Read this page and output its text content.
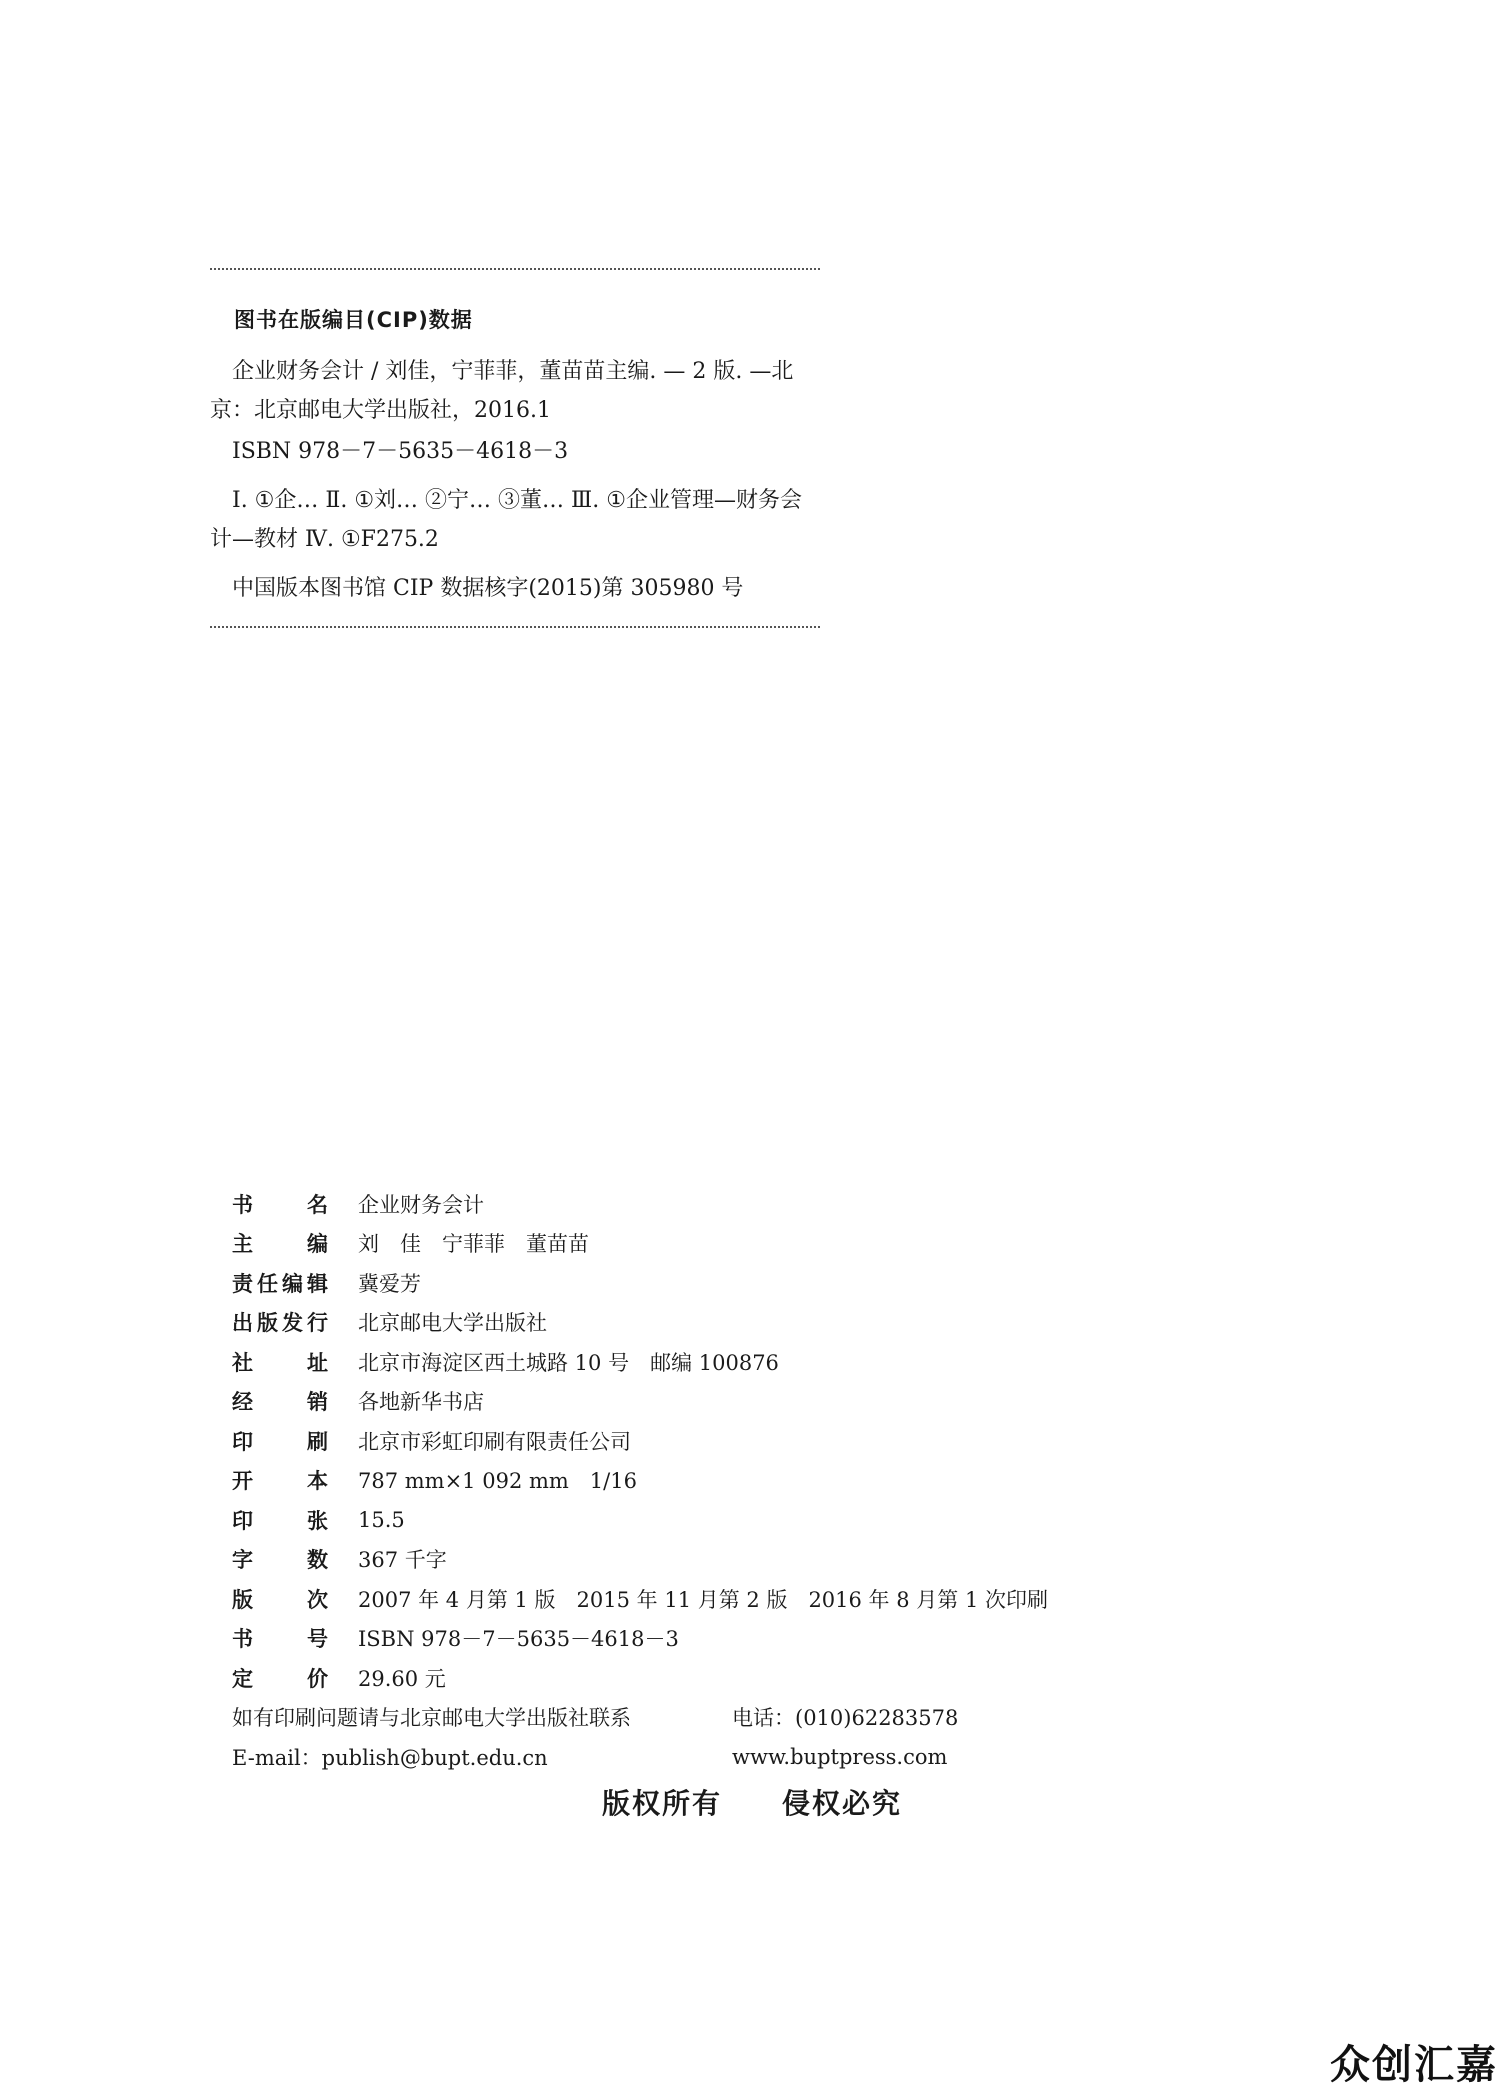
图书在版编目(CIP)数据

企业财务会计 / 刘佳，宁菲菲，董苗苗主编. — 2 版. —北京：北京邮电大学出版社，2016.1

ISBN 978－7－5635－4618－3

Ⅰ. ①企… Ⅱ. ①刘… ②宁… ③董… Ⅲ. ①企业管理—财务会计—教材 Ⅳ. ①F275.2

中国版本图书馆 CIP 数据核字(2015)第 305980 号

书	名 企业财务会计
主	编 刘　佳　宁菲菲　董苗苗
责 任 编 辑 冀爱芳
出 版 发 行 北京邮电大学出版社
社	址 北京市海淀区西土城路 10 号　邮编 100876
经	销 各地新华书店
印	刷 北京市彩虹印刷有限责任公司
开	本 787 mm×1 092 mm　1/16
印	张 15.5
字	数 367 千字
版	次 2007 年 4 月第 1 版　2015 年 11 月第 2 版　2016 年 8 月第 1 次印刷
书	号 ISBN 978－7－5635－4618－3
定	价 29.60 元
如有印刷问题请与北京邮电大学出版社联系	电话：(010)62283578
E-mail：publish@bupt.edu.cn	www.buptpress.com
版权所有　　侵权必究
众创汇嘉
